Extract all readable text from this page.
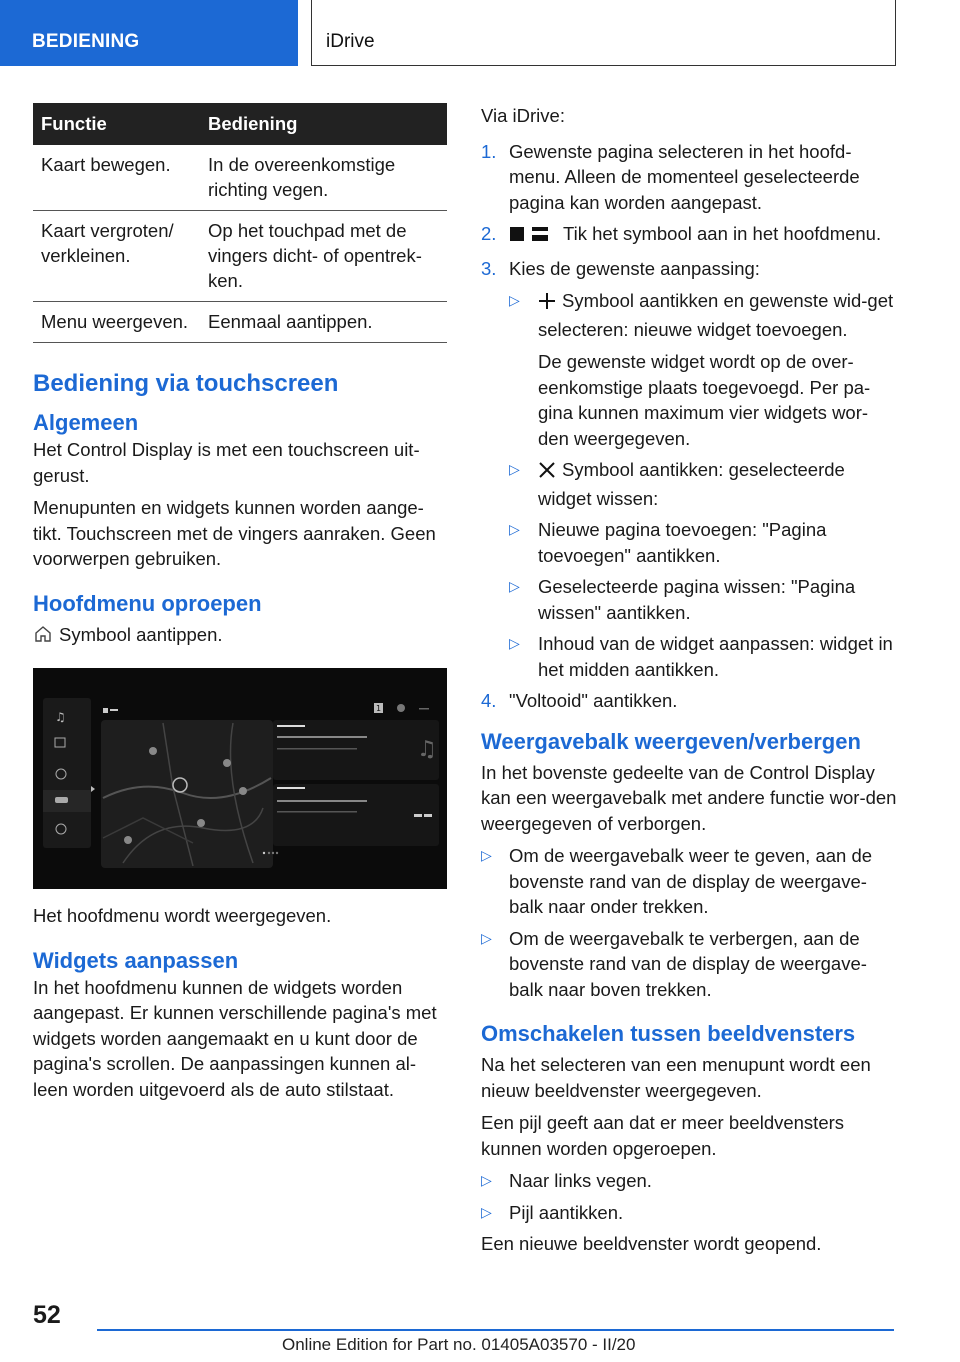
BEDIENING	iDrive
Functie	Bediening
Kaart bewegen.	In de overeenkomstige richting vegen.
Kaart vergroten/ verkleinen.	Op het touchpad met de vingers dicht- of opentrek-ken.
Menu weergeven.	Eenmaal aantippen.
Bediening via touchscreen
Algemeen

Het Control Display is met een touchscreen uit-gerust.

Menupunten en widgets kunnen worden aange-tikt. Touchscreen met de vingers aanraken. Geen voorwerpen gebruiken.

Hoofdmenu oproepen

Symbool aantippen.

♫
1
♫

Het hoofdmenu wordt weergegeven.

Widgets aanpassen

In het hoofdmenu kunnen de widgets worden aangepast. Er kunnen verschillende pagina's met widgets worden aangemaakt en u kunt door de pagina's scrollen. De aanpassingen kunnen al-leen worden uitgevoerd als de auto stilstaat.

Via iDrive:

1. Gewenste pagina selecteren in het hoofd-menu. Alleen de momenteel geselecteerde pagina kan worden aangepast.
2.	Tik het symbool aan in het hoofdmenu.
3. Kies de gewenste aanpassing:
▷ Symbool aantikken en gewenste wid-get selecteren: nieuwe widget toevoegen.

De gewenste widget wordt op de over-eenkomstige plaats toegevoegd. Per pa-gina kunnen maximum vier widgets wor-den weergegeven.

▷ Symbool aantikken: geselecteerde widget wissen:
▷ Nieuwe pagina toevoegen: "Pagina toevoegen" aantikken.
▷ Geselecteerde pagina wissen: "Pagina wissen" aantikken.
▷ Inhoud van de widget aanpassen: widget in het midden aantikken.
4. "Voltooid" aantikken.
Weergavebalk weergeven/verbergen

In het bovenste gedeelte van de Control Display kan een weergavebalk met andere functie wor-den weergegeven of verborgen.

▷ Om de weergavebalk weer te geven, aan de bovenste rand van de display de weergave-balk naar onder trekken.
▷ Om de weergavebalk te verbergen, aan de bovenste rand van de display de weergave-balk naar boven trekken.
Omschakelen tussen beeldvensters

Na het selecteren van een menupunt wordt een nieuw beeldvenster weergegeven.

Een pijl geeft aan dat er meer beeldvensters kunnen worden opgeroepen.

▷ Naar links vegen.
▷ Pijl aantikken.

Een nieuwe beeldvenster wordt geopend.

52
Online Edition for Part no. 01405A03570 - II/20
